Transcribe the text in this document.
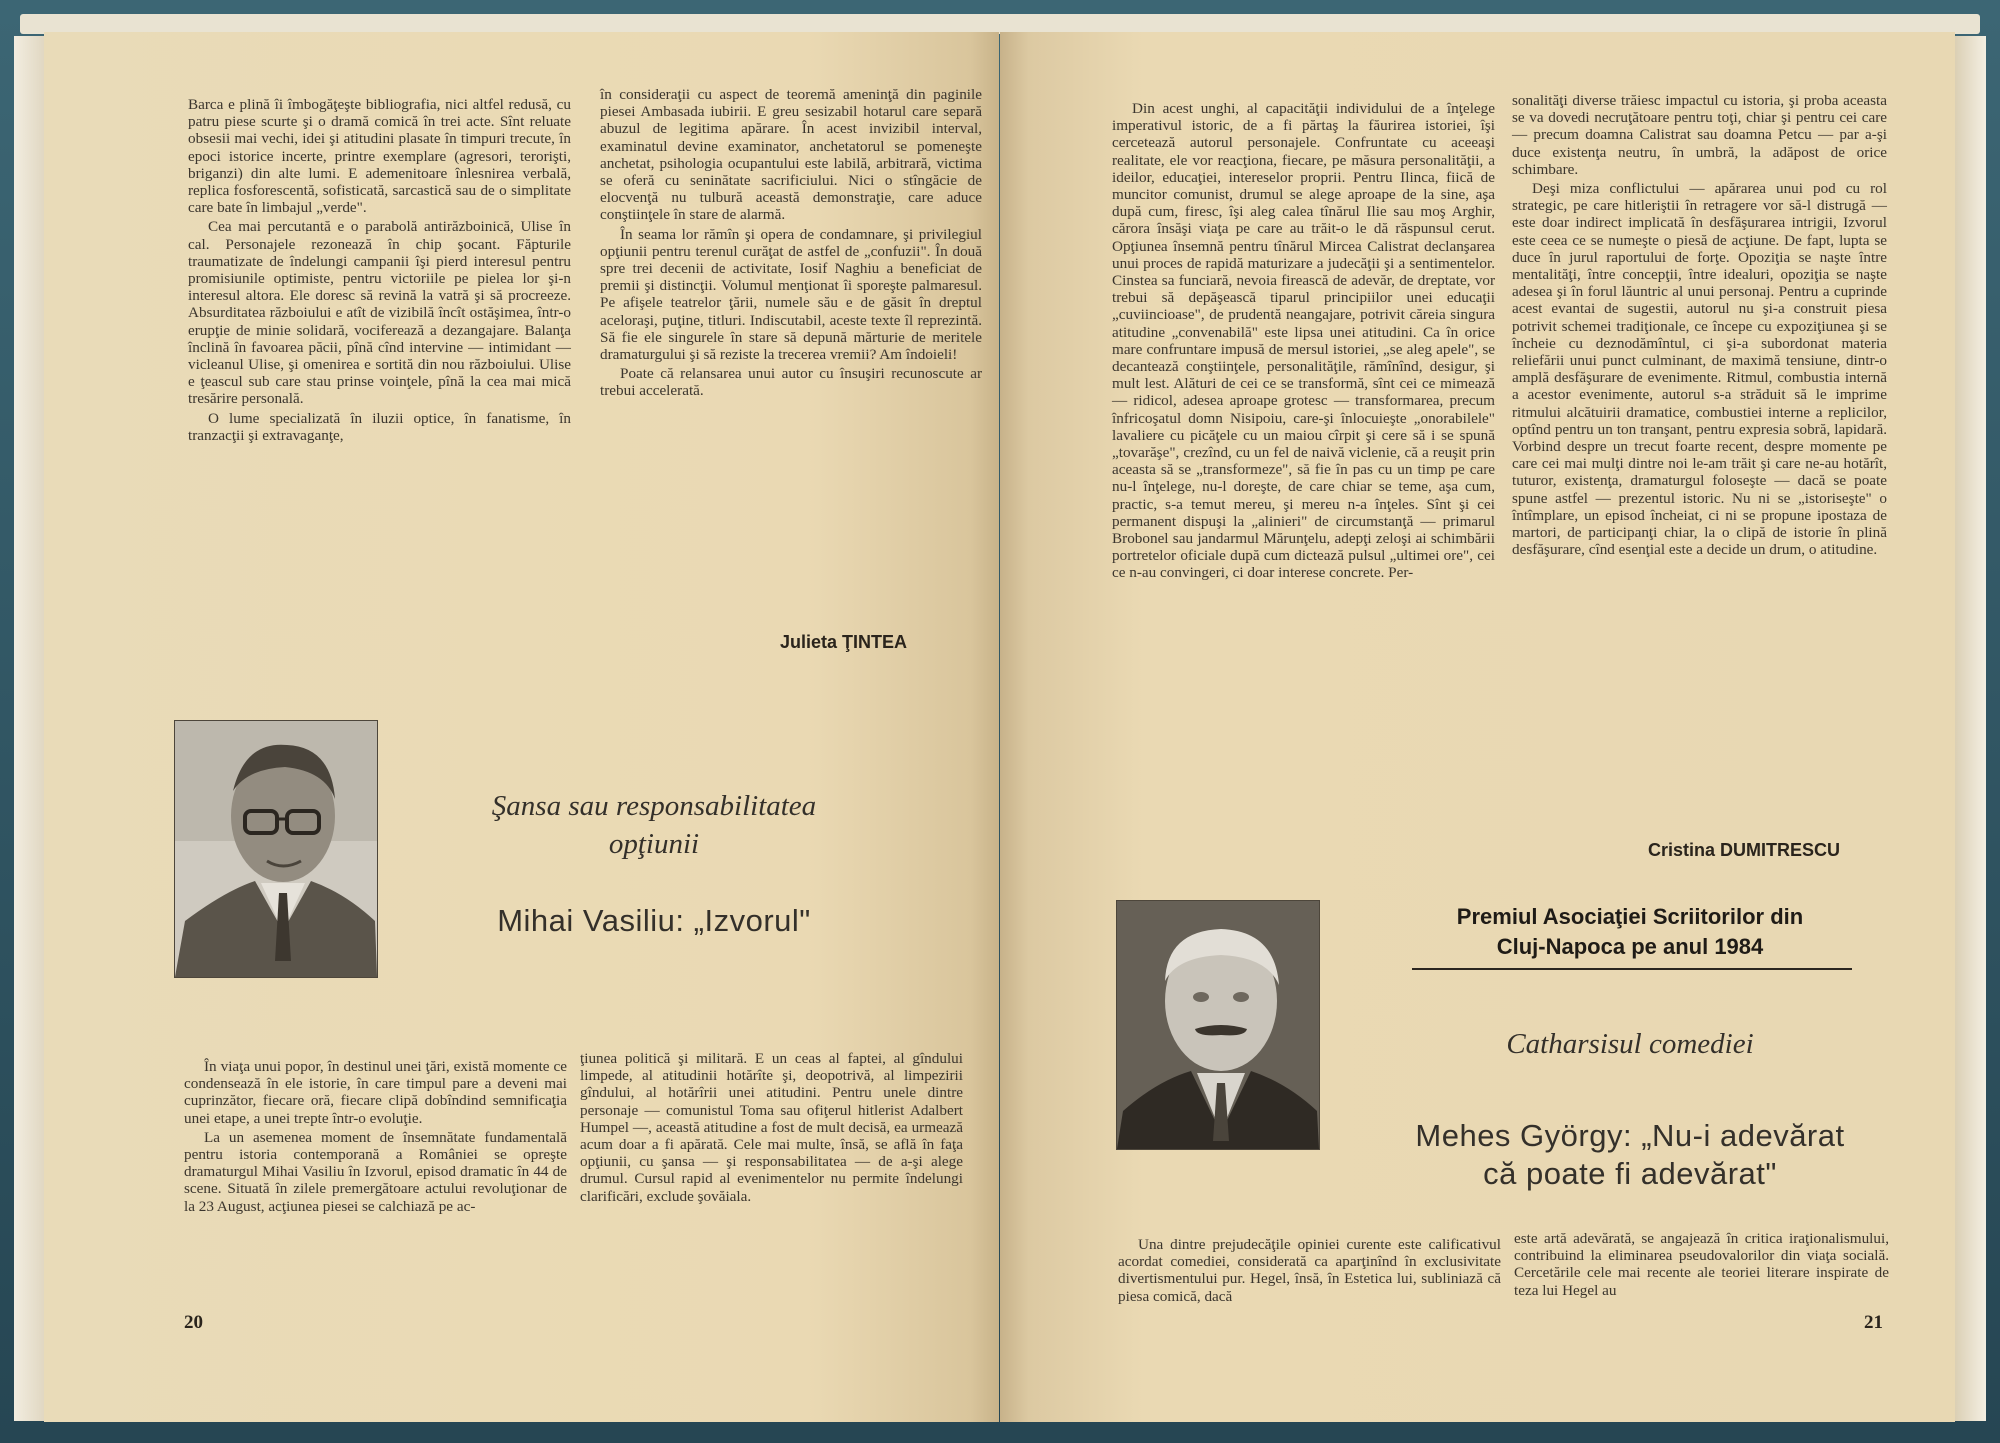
Barca e plină îi îmbogăţeşte bibliografia, nici altfel redusă, cu patru piese scurte şi o dramă comică în trei acte. Sînt reluate obsesii mai vechi, idei şi atitudini plasate în timpuri trecute, în epoci istorice incerte, printre exemplare (agresori, terorişti, briganzi) din alte lumi. E ademenitoare înlesnirea verbală, replica fosforescentă, sofisticată, sarcastică sau de o simplitate care bate în limbajul „verde".

Cea mai percutantă e o parabolă antirăzboinică, Ulise în cal. Personajele rezonează în chip şocant. Făpturile traumatizate de îndelungi campanii îşi pierd interesul pentru promisiunile optimiste, pentru victoriile pe pielea lor şi-n interesul altora. Ele doresc să revină la vatră şi să procreeze. Absurditatea războiului e atît de vizibilă încît ostăşimea, într-o erupţie de minie solidară, vociferează a dezangajare. Balanţa înclină în favoarea păcii, pînă cînd intervine — intimidant — vicleanul Ulise, şi omenirea e sortită din nou războiului. Ulise e ţeascul sub care stau prinse voinţele, pînă la cea mai mică tresărire personală.

O lume specializată în iluzii optice, în fanatisme, în tranzacţii şi extravaganţe,

în consideraţii cu aspect de teoremă ameninţă din paginile piesei Ambasada iubirii. E greu sesizabil hotarul care separă abuzul de legitima apărare. În acest invizibil interval, examinatul devine examinator, anchetatorul se pomeneşte anchetat, psihologia ocupantului este labilă, arbitrară, victima se oferă cu seninătate sacrificiului. Nici o stîngăcie de elocvenţă nu tulbură această demonstraţie, care aduce conştiinţele în stare de alarmă.

În seama lor rămîn şi opera de condamnare, şi privilegiul opţiunii pentru terenul curăţat de astfel de „confuzii". În două spre trei decenii de activitate, Iosif Naghiu a beneficiat de premii şi distincţii. Volumul menţionat îi sporeşte palmaresul. Pe afişele teatrelor ţării, numele său e de găsit în dreptul aceloraşi, puţine, titluri. Indiscutabil, aceste texte îl reprezintă. Să fie ele singurele în stare să depună mărturie de meritele dramaturgului şi să reziste la trecerea vremii? Am îndoieli!

Poate că relansarea unui autor cu însuşiri recunoscute ar trebui accelerată.

Julieta ŢINTEA
Şansa sau responsabilitatea
opţiunii
Mihai Vasiliu: „Izvorul"

În viaţa unui popor, în destinul unei ţări, există momente ce condensează în ele istorie, în care timpul pare a deveni mai cuprinzător, fiecare oră, fiecare clipă dobîndind semnificaţia unei etape, a unei trepte într-o evoluţie.

La un asemenea moment de însemnătate fundamentală pentru istoria contemporană a României se opreşte dramaturgul Mihai Vasiliu în Izvorul, episod dramatic în 44 de scene. Situată în zilele premergătoare actului revoluţionar de la 23 August, acţiunea piesei se calchiază pe ac-

ţiunea politică şi militară. E un ceas al faptei, al gîndului limpede, al atitudinii hotărîte şi, deopotrivă, al limpezirii gîndului, al hotărîrii unei atitudini. Pentru unele dintre personaje — comunistul Toma sau ofiţerul hitlerist Adalbert Humpel —, această atitudine a fost de mult decisă, ea urmează acum doar a fi apărată. Cele mai multe, însă, se află în faţa opţiunii, cu şansa — şi responsabilitatea — de a-şi alege drumul. Cursul rapid al evenimentelor nu permite îndelungi clarificări, exclude şovăiala.

20

Din acest unghi, al capacităţii individului de a înţelege imperativul istoric, de a fi părtaş la făurirea istoriei, îşi cercetează autorul personajele. Confruntate cu aceeaşi realitate, ele vor reacţiona, fiecare, pe măsura personalităţii, a ideilor, educaţiei, intereselor proprii. Pentru Ilinca, fiică de muncitor comunist, drumul se alege aproape de la sine, aşa după cum, firesc, îşi aleg calea tînărul Ilie sau moş Arghir, cărora însăşi viaţa pe care au trăit-o le dă răspunsul cerut. Opţiunea însemnă pentru tînărul Mircea Calistrat declanşarea unui proces de rapidă maturizare a judecăţii şi a sentimentelor. Cinstea sa funciară, nevoia firească de adevăr, de dreptate, vor trebui să depăşească tiparul principiilor unei educaţii „cuviincioase", de prudentă neangajare, potrivit căreia singura atitudine „convenabilă" este lipsa unei atitudini. Ca în orice mare confruntare impusă de mersul istoriei, „se aleg apele", se decantează conştiinţele, personalităţile, rămînînd, desigur, şi mult lest. Alături de cei ce se transformă, sînt cei ce mimează — ridicol, adesea aproape grotesc — transformarea, precum înfricoşatul domn Nisipoiu, care-şi înlocuieşte „onorabilele" lavaliere cu picăţele cu un maiou cîrpit şi cere să i se spună „tovarăşe", crezînd, cu un fel de naivă viclenie, că a reuşit prin aceasta să se „transformeze", să fie în pas cu un timp pe care nu-l înţelege, nu-l doreşte, de care chiar se teme, aşa cum, practic, s-a temut mereu, şi mereu n-a înţeles. Sînt şi cei permanent dispuşi la „alinieri" de circumstanţă — primarul Brobonel sau jandarmul Mărunţelu, adepţi zeloşi ai schimbării portretelor oficiale după cum dictează pulsul „ultimei ore", cei ce n-au convingeri, ci doar interese concrete. Per-

sonalităţi diverse trăiesc impactul cu istoria, şi proba aceasta se va dovedi necruţătoare pentru toţi, chiar şi pentru cei care — precum doamna Calistrat sau doamna Petcu — par a-şi duce existenţa neutru, în umbră, la adăpost de orice schimbare.

Deşi miza conflictului — apărarea unui pod cu rol strategic, pe care hitleriştii în retragere vor să-l distrugă — este doar indirect implicată în desfăşurarea intrigii, Izvorul este ceea ce se numeşte o piesă de acţiune. De fapt, lupta se duce în jurul raportului de forţe. Opoziţia se naşte între mentalităţi, între concepţii, între idealuri, opoziţia se naşte adesea şi în forul lăuntric al unui personaj. Pentru a cuprinde acest evantai de sugestii, autorul nu şi-a construit piesa potrivit schemei tradiţionale, ce începe cu expoziţiunea şi se încheie cu deznodămîntul, ci şi-a subordonat materia reliefării unui punct culminant, de maximă tensiune, dintr-o amplă desfăşurare de evenimente. Ritmul, combustia internă a acestor evenimente, autorul s-a străduit să le imprime ritmului alcătuirii dramatice, combustiei interne a replicilor, optînd pentru un ton tranşant, pentru expresia sobră, lapidară. Vorbind despre un trecut foarte recent, despre momente pe care cei mai mulţi dintre noi le-am trăit şi care ne-au hotărît, tuturor, existenţa, dramaturgul foloseşte — dacă se poate spune astfel — prezentul istoric. Nu ni se „istoriseşte" o întîmplare, un episod încheiat, ci ni se propune ipostaza de martori, de participanţi chiar, la o clipă de istorie în plină desfăşurare, cînd esenţial este a decide un drum, o atitudine.

Cristina DUMITRESCU
Premiul Asociaţiei Scriitorilor din
Cluj-Napoca pe anul 1984
Catharsisul comediei
Mehes György: „Nu-i adevărat
că poate fi adevărat"

Una dintre prejudecăţile opiniei curente este calificativul acordat comediei, considerată ca aparţinînd în exclusivitate divertismentului pur. Hegel, însă, în Estetica lui, subliniază că piesa comică, dacă

este artă adevărată, se angajează în critica iraţionalismului, contribuind la eliminarea pseudovalorilor din viaţa socială. Cercetările cele mai recente ale teoriei literare inspirate de teza lui Hegel au

21
